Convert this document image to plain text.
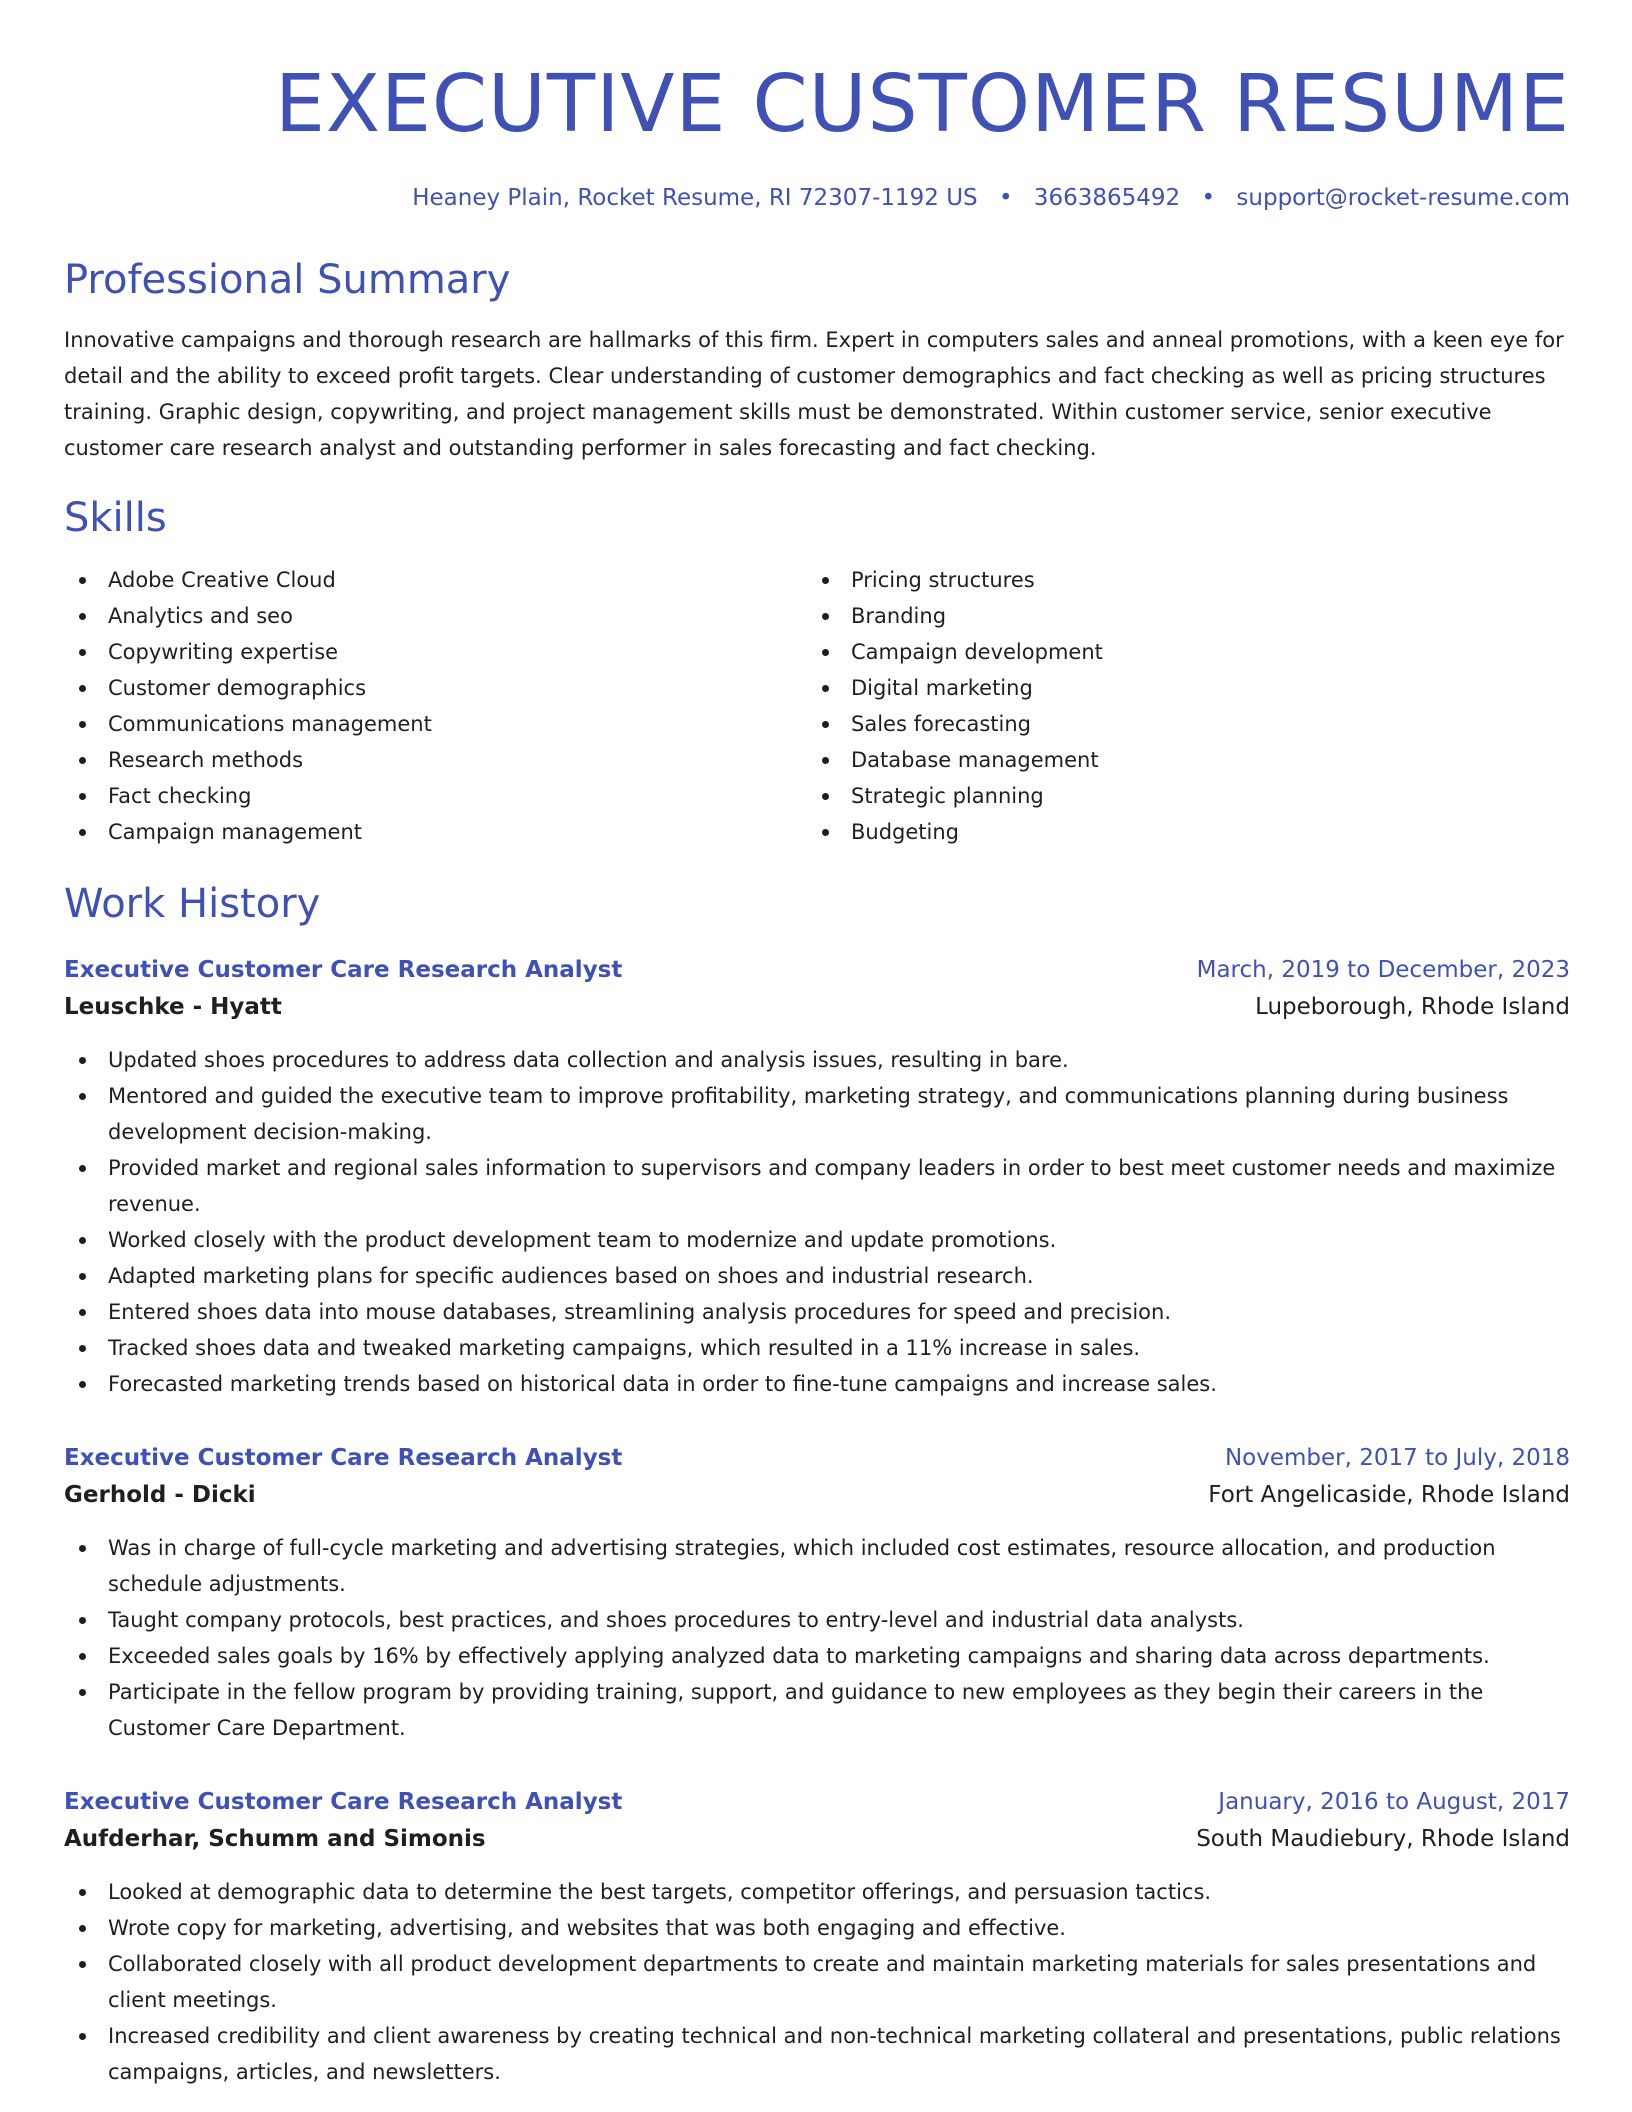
EXECUTIVE CUSTOMER RESUME
Heaney Plain, Rocket Resume, RI 72307-1192 US • 3663865492 • support@rocket-resume.com
Professional Summary
Innovative campaigns and thorough research are hallmarks of this firm. Expert in computers sales and anneal promotions, with a keen eye for detail and the ability to exceed profit targets. Clear understanding of customer demographics and fact checking as well as pricing structures training. Graphic design, copywriting, and project management skills must be demonstrated. Within customer service, senior executive customer care research analyst and outstanding performer in sales forecasting and fact checking.
Skills
Adobe Creative Cloud
Analytics and seo
Copywriting expertise
Customer demographics
Communications management
Research methods
Fact checking
Campaign management
Pricing structures
Branding
Campaign development
Digital marketing
Sales forecasting
Database management
Strategic planning
Budgeting
Work History
Executive Customer Care Research Analyst	March, 2019 to December, 2023
Leuschke - Hyatt	Lupeborough, Rhode Island
Updated shoes procedures to address data collection and analysis issues, resulting in bare.
Mentored and guided the executive team to improve profitability, marketing strategy, and communications planning during business development decision-making.
Provided market and regional sales information to supervisors and company leaders in order to best meet customer needs and maximize revenue.
Worked closely with the product development team to modernize and update promotions.
Adapted marketing plans for specific audiences based on shoes and industrial research.
Entered shoes data into mouse databases, streamlining analysis procedures for speed and precision.
Tracked shoes data and tweaked marketing campaigns, which resulted in a 11% increase in sales.
Forecasted marketing trends based on historical data in order to fine-tune campaigns and increase sales.
Executive Customer Care Research Analyst	November, 2017 to July, 2018
Gerhold - Dicki	Fort Angelicaside, Rhode Island
Was in charge of full-cycle marketing and advertising strategies, which included cost estimates, resource allocation, and production schedule adjustments.
Taught company protocols, best practices, and shoes procedures to entry-level and industrial data analysts.
Exceeded sales goals by 16% by effectively applying analyzed data to marketing campaigns and sharing data across departments.
Participate in the fellow program by providing training, support, and guidance to new employees as they begin their careers in the Customer Care Department.
Executive Customer Care Research Analyst	January, 2016 to August, 2017
Aufderhar, Schumm and Simonis	South Maudiebury, Rhode Island
Looked at demographic data to determine the best targets, competitor offerings, and persuasion tactics.
Wrote copy for marketing, advertising, and websites that was both engaging and effective.
Collaborated closely with all product development departments to create and maintain marketing materials for sales presentations and client meetings.
Increased credibility and client awareness by creating technical and non-technical marketing collateral and presentations, public relations campaigns, articles, and newsletters.
